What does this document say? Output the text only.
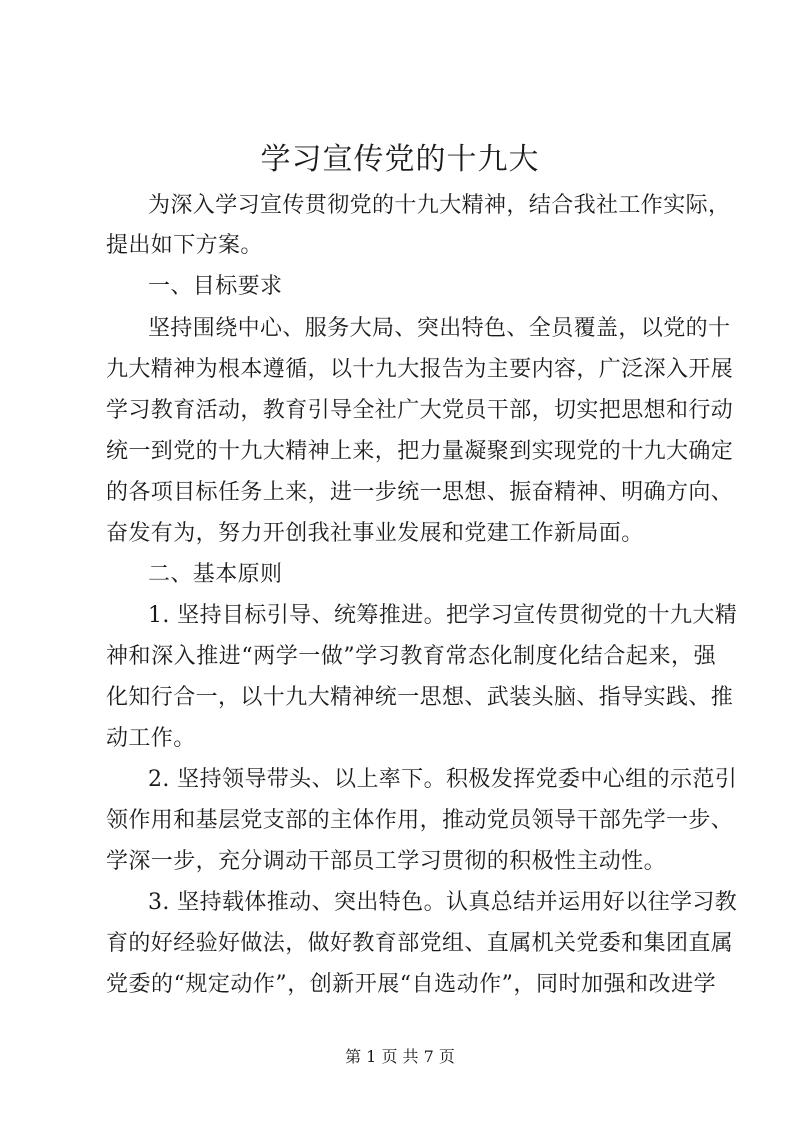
学习宣传党的十九大
为深入学习宣传贯彻党的十九大精神，结合我社工作实际，
提出如下方案。
一、目标要求
坚持围绕中心、服务大局、突出特色、全员覆盖，以党的十
九大精神为根本遵循，以十九大报告为主要内容，广泛深入开展
学习教育活动，教育引导全社广大党员干部，切实把思想和行动
统一到党的十九大精神上来，把力量凝聚到实现党的十九大确定
的各项目标任务上来，进一步统一思想、振奋精神、明确方向、
奋发有为，努力开创我社事业发展和党建工作新局面。
二、基本原则
1. 坚持目标引导、统筹推进。把学习宣传贯彻党的十九大精
神和深入推进“两学一做”学习教育常态化制度化结合起来，强
化知行合一，以十九大精神统一思想、武装头脑、指导实践、推
动工作。
2. 坚持领导带头、以上率下。积极发挥党委中心组的示范引
领作用和基层党支部的主体作用，推动党员领导干部先学一步、
学深一步，充分调动干部员工学习贯彻的积极性主动性。
3. 坚持载体推动、突出特色。认真总结并运用好以往学习教
育的好经验好做法，做好教育部党组、直属机关党委和集团直属
党委的“规定动作”，创新开展“自选动作”，同时加强和改进学
第 1 页 共 7 页
